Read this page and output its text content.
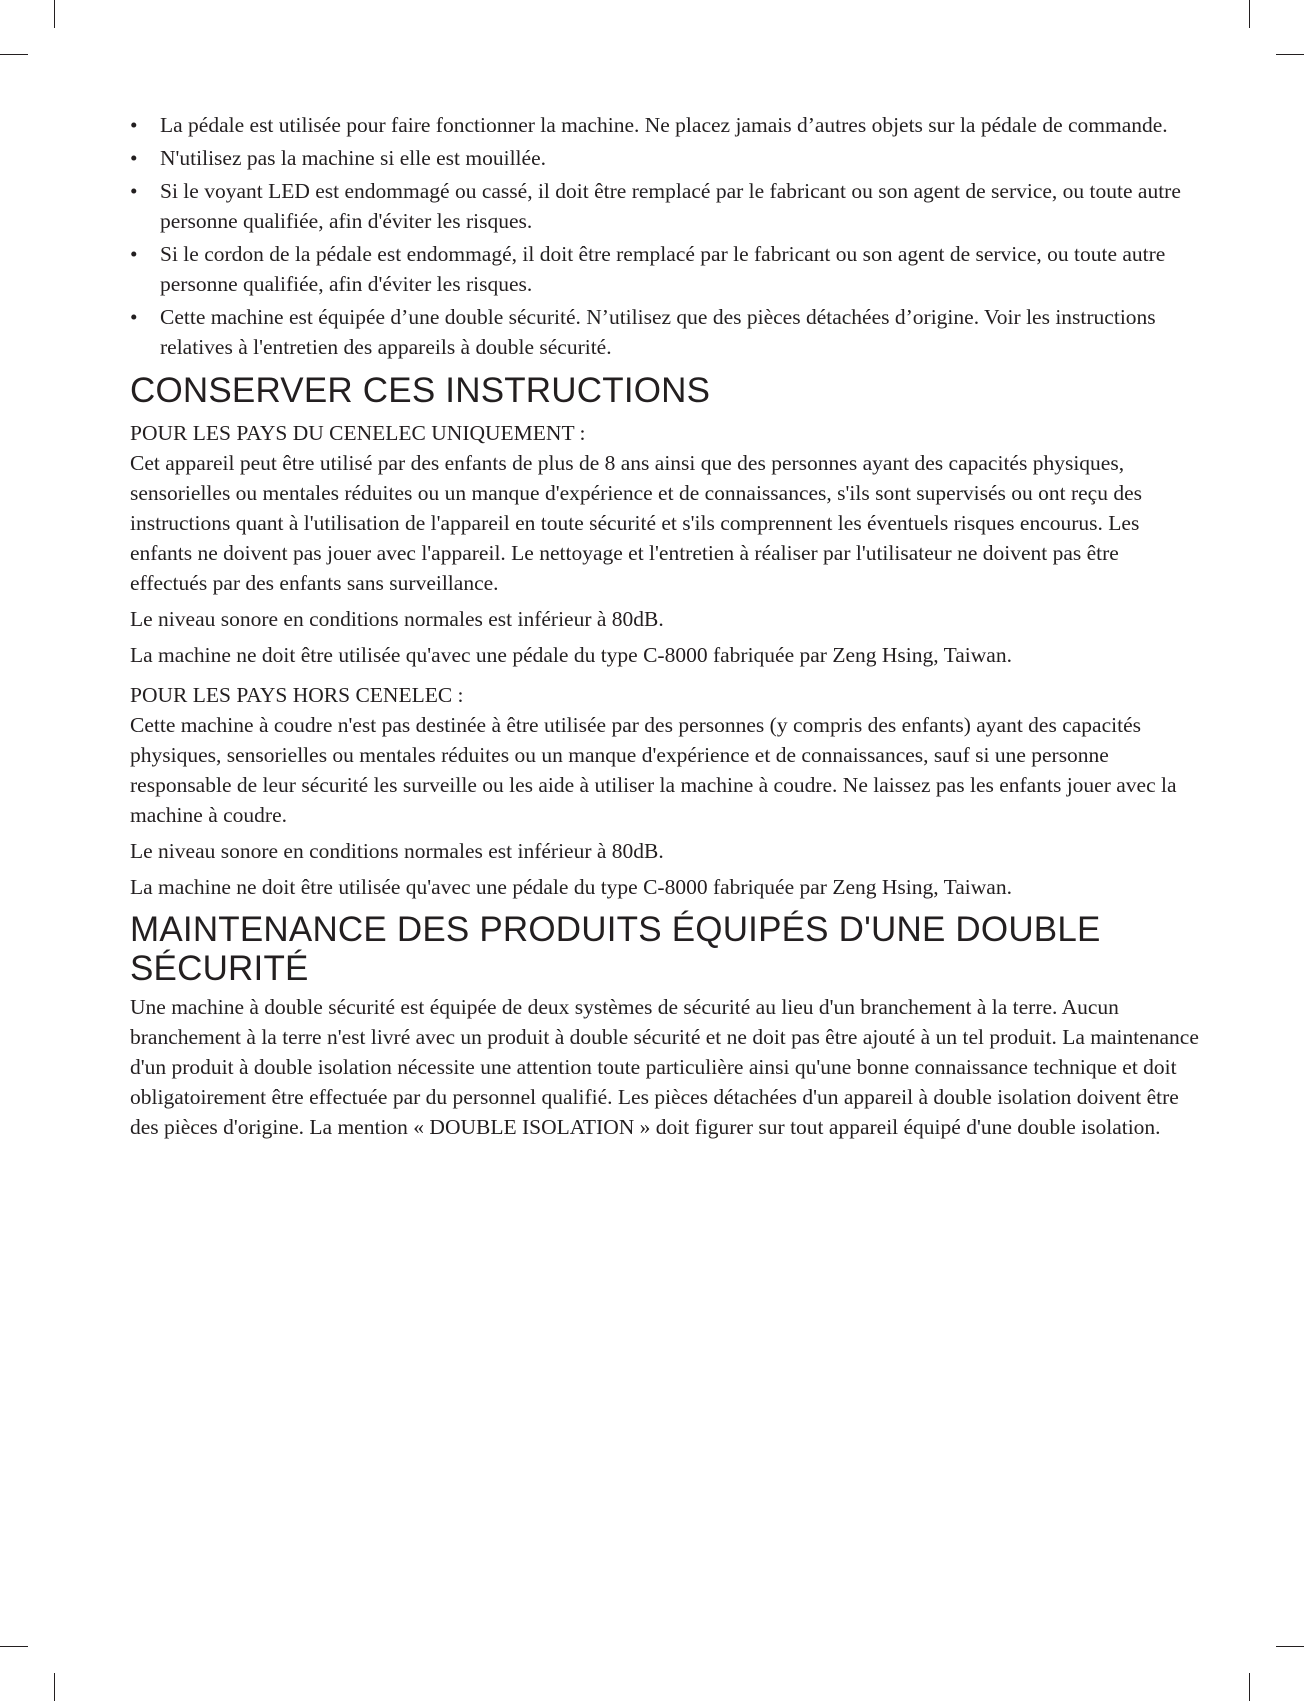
• La pédale est utilisée pour faire fonctionner la machine. Ne placez jamais d’autres objets sur la pédale de commande.
• N'utilisez pas la machine si elle est mouillée.
• Si le voyant LED est endommagé ou cassé, il doit être remplacé par le fabricant ou son agent de service, ou toute autre personne qualifiée, afin d'éviter les risques.
• Si le cordon de la pédale est endommagé, il doit être remplacé par le fabricant ou son agent de service, ou toute autre personne qualifiée, afin d'éviter les risques.
• Cette machine est équipée d’une double sécurité. N’utilisez que des pièces détachées d’origine. Voir les instructions relatives à l'entretien des appareils à double sécurité.
CONSERVER CES INSTRUCTIONS
POUR LES PAYS DU CENELEC UNIQUEMENT :
Cet appareil peut être utilisé par des enfants de plus de 8 ans ainsi que des personnes ayant des capacités physiques, sensorielles ou mentales réduites ou un manque d'expérience et de connaissances, s'ils sont supervisés ou ont reçu des instructions quant à l'utilisation de l'appareil en toute sécurité et s'ils comprennent les éventuels risques encourus. Les enfants ne doivent pas jouer avec l'appareil. Le nettoyage et l'entretien à réaliser par l'utilisateur ne doivent pas être effectués par des enfants sans surveillance.

Le niveau sonore en conditions normales est inférieur à 80dB.

La machine ne doit être utilisée qu'avec une pédale du type C-8000 fabriquée par Zeng Hsing, Taiwan.

POUR LES PAYS HORS CENELEC :
Cette machine à coudre n'est pas destinée à être utilisée par des personnes (y compris des enfants) ayant des capacités physiques, sensorielles ou mentales réduites ou un manque d'expérience et de connaissances, sauf si une personne responsable de leur sécurité les surveille ou les aide à utiliser la machine à coudre. Ne laissez pas les enfants jouer avec la machine à coudre.

Le niveau sonore en conditions normales est inférieur à 80dB.

La machine ne doit être utilisée qu'avec une pédale du type C-8000 fabriquée par Zeng Hsing, Taiwan.

MAINTENANCE DES PRODUITS ÉQUIPÉS D'UNE DOUBLE SÉCURITÉ

Une machine à double sécurité est équipée de deux systèmes de sécurité au lieu d'un branchement à la terre. Aucun branchement à la terre n'est livré avec un produit à double sécurité et ne doit pas être ajouté à un tel produit. La maintenance d'un produit à double isolation nécessite une attention toute particulière ainsi qu'une bonne connaissance technique et doit obligatoirement être effectuée par du personnel qualifié. Les pièces détachées d'un appareil à double isolation doivent être des pièces d'origine. La mention « DOUBLE ISOLATION » doit figurer sur tout appareil équipé d'une double isolation.
